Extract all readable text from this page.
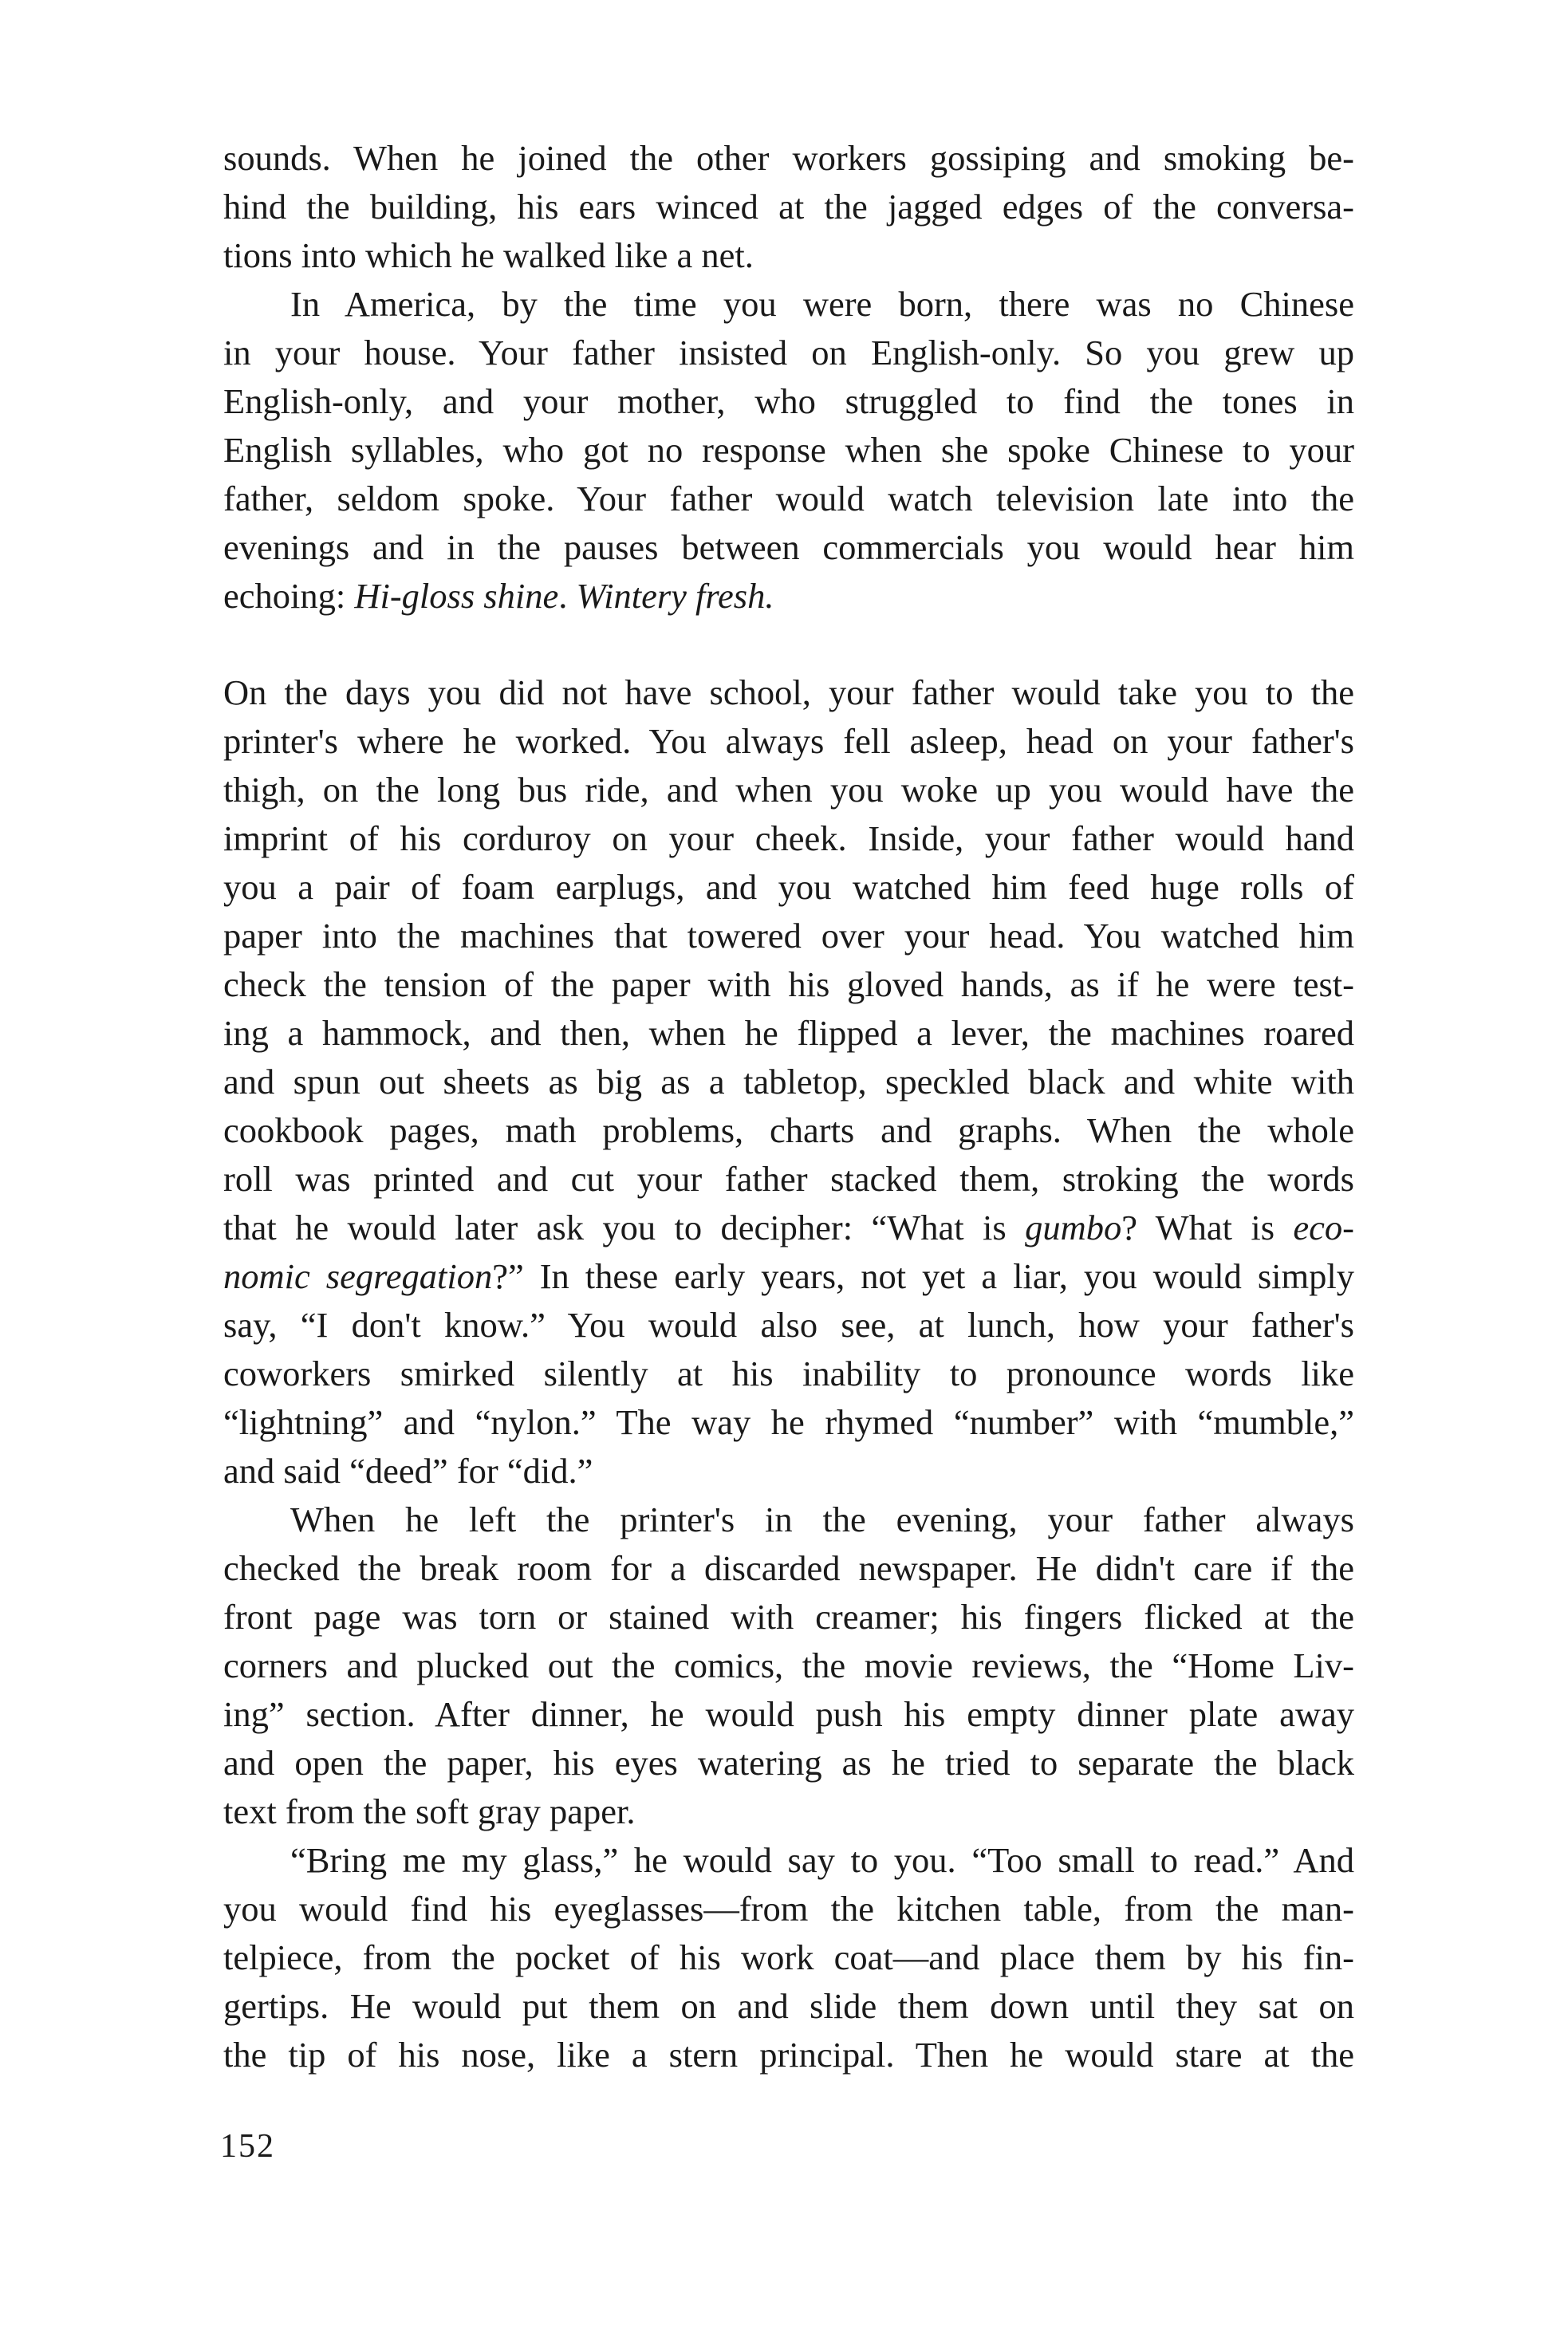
sounds. When he joined the other workers gossiping and smoking be-
hind the building, his ears winced at the jagged edges of the conversa-
tions into which he walked like a net.

In America, by the time you were born, there was no Chinese
in your house. Your father insisted on English-only. So you grew up
English-only, and your mother, who struggled to find the tones in
English syllables, who got no response when she spoke Chinese to your
father, seldom spoke. Your father would watch television late into the
evenings and in the pauses between commercials you would hear him
echoing: Hi-gloss shine. Wintery fresh.

On the days you did not have school, your father would take you to the
printer's where he worked. You always fell asleep, head on your father's
thigh, on the long bus ride, and when you woke up you would have the
imprint of his corduroy on your cheek. Inside, your father would hand
you a pair of foam earplugs, and you watched him feed huge rolls of
paper into the machines that towered over your head. You watched him
check the tension of the paper with his gloved hands, as if he were test-
ing a hammock, and then, when he flipped a lever, the machines roared
and spun out sheets as big as a tabletop, speckled black and white with
cookbook pages, math problems, charts and graphs. When the whole
roll was printed and cut your father stacked them, stroking the words
that he would later ask you to decipher: “What is gumbo? What is eco-
nomic segregation?” In these early years, not yet a liar, you would simply
say, “I don't know.” You would also see, at lunch, how your father's
coworkers smirked silently at his inability to pronounce words like
“lightning” and “nylon.” The way he rhymed “number” with “mumble,”
and said “deed” for “did.”

When he left the printer's in the evening, your father always
checked the break room for a discarded newspaper. He didn't care if the
front page was torn or stained with creamer; his fingers flicked at the
corners and plucked out the comics, the movie reviews, the “Home Liv-
ing” section. After dinner, he would push his empty dinner plate away
and open the paper, his eyes watering as he tried to separate the black
text from the soft gray paper.

“Bring me my glass,” he would say to you. “Too small to read.” And
you would find his eyeglasses—from the kitchen table, from the man-
telpiece, from the pocket of his work coat—and place them by his fin-
gertips. He would put them on and slide them down until they sat on
the tip of his nose, like a stern principal. Then he would stare at the

152
